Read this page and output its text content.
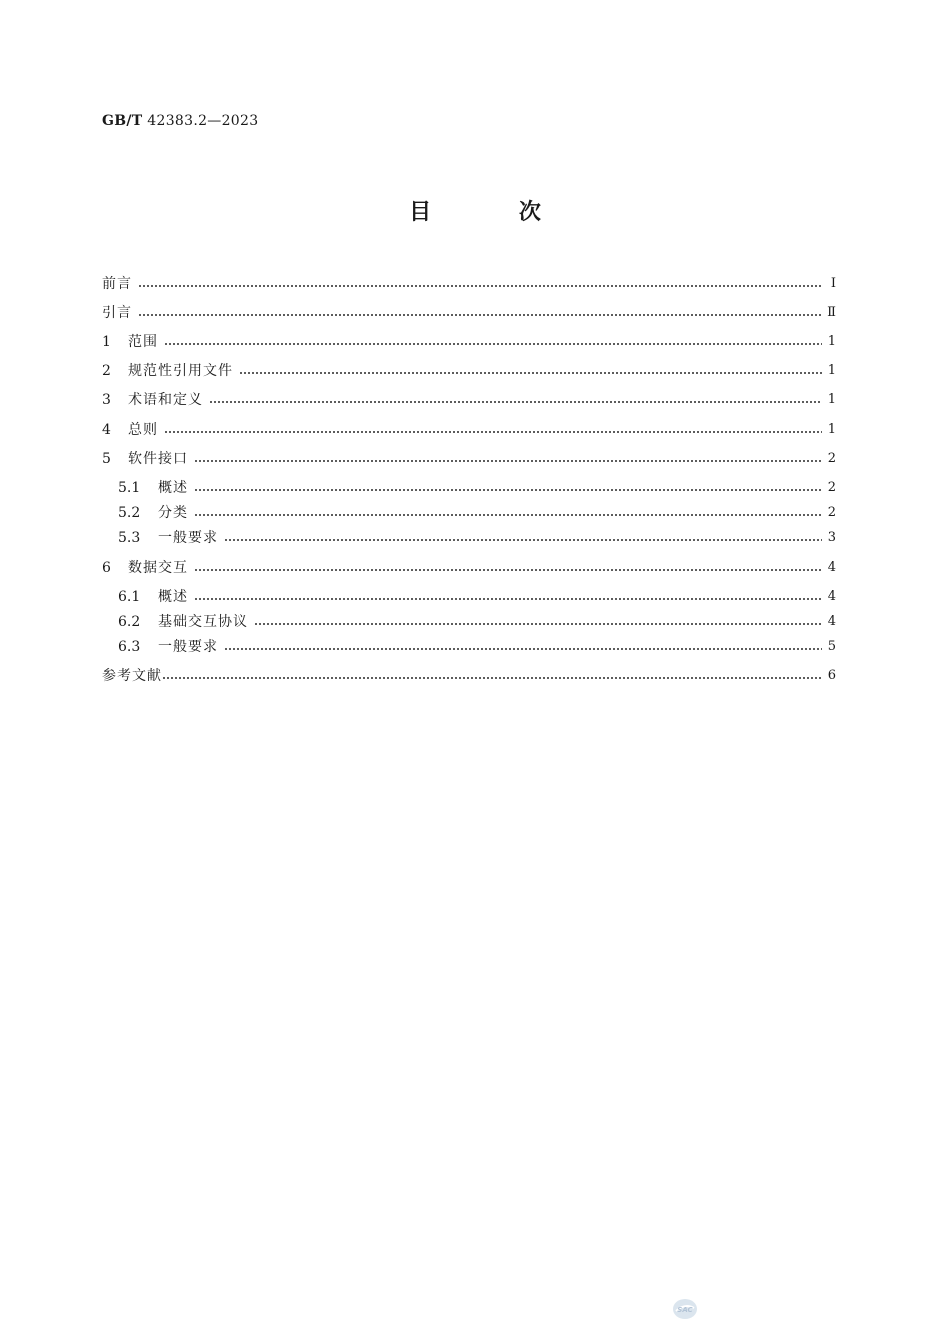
GB/T 42383.2—2023
目 次
前言	Ⅰ
引言	Ⅱ
1	范围	1
2	规范性引用文件	1
3	术语和定义	1
4	总则	1
5	软件接口	2
5.1	概述	2
5.2	分类	2
5.3	一般要求	3
6	数据交互	4
6.1	概述	4
6.2	基础交互协议	4
6.3	一般要求	5
参考文献	6
SAC
